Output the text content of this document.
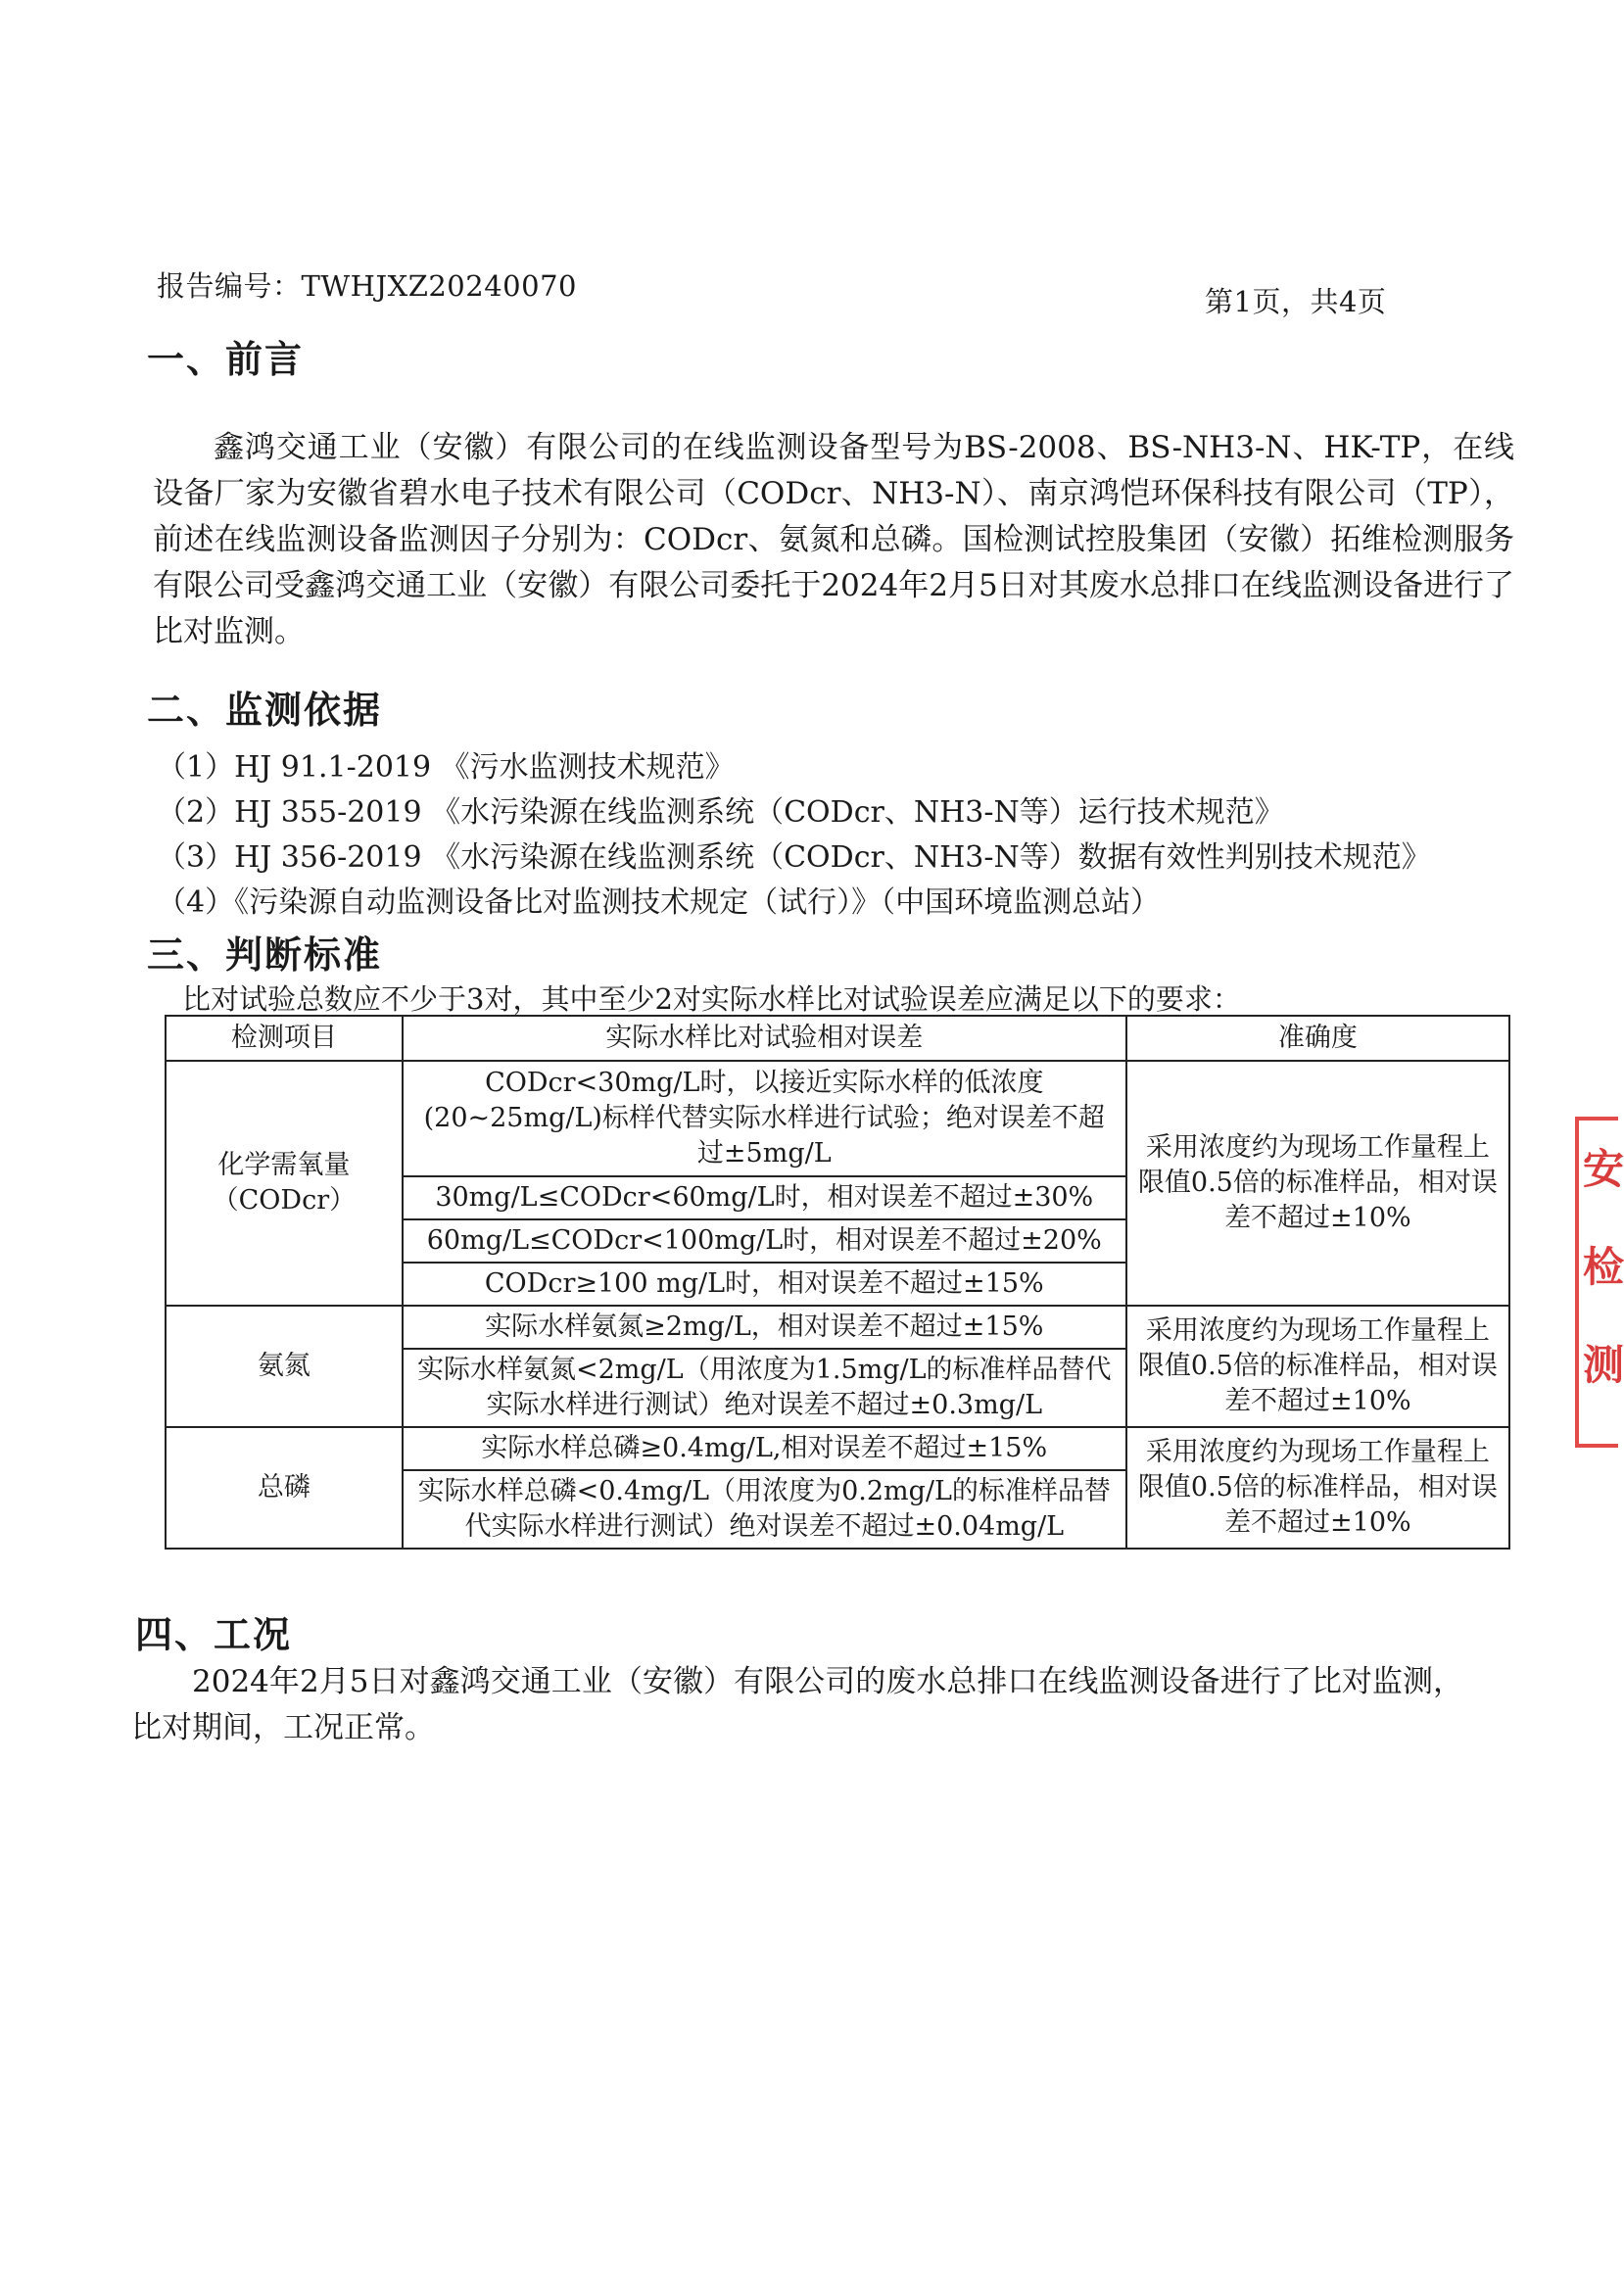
报告编号：TWHJXZ20240070	第1页，共4页
一、前言

鑫鸿交通工业（安徽）有限公司的在线监测设备型号为BS-2008、BS-NH3-N、HK-TP，在线设备厂家为安徽省碧水电子技术有限公司（CODcr、NH3-N）、南京鸿恺环保科技有限公司（TP），前述在线监测设备监测因子分别为：CODcr、氨氮和总磷。国检测试控股集团（安徽）拓维检测服务有限公司受鑫鸿交通工业（安徽）有限公司委托于2024年2月5日对其废水总排口在线监测设备进行了比对监测。

二、监测依据
（1）HJ 91.1-2019 《污水监测技术规范》
（2）HJ 355-2019 《水污染源在线监测系统（CODcr、NH3-N等）运行技术规范》
（3）HJ 356-2019 《水污染源在线监测系统（CODcr、NH3-N等）数据有效性判别技术规范》
（4）《污染源自动监测设备比对监测技术规定（试行）》（中国环境监测总站）
三、判断标准
比对试验总数应不少于3对，其中至少2对实际水样比对试验误差应满足以下的要求：
检测项目	实际水样比对试验相对误差	准确度

化学需氧量
（CODcr）	CODcr<30mg/L时，以接近实际水样的低浓度(20~25mg/L)标样代替实际水样进行试验；绝对误差不超过±5mg/L	采用浓度约为现场工作量程上限值0.5倍的标准样品，相对误差不超过±10%
	30mg/L≤CODcr<60mg/L时，相对误差不超过±30%	
	60mg/L≤CODcr<100mg/L时，相对误差不超过±20%	
	CODcr≥100 mg/L时，相对误差不超过±15%	
氨氮	实际水样氨氮≥2mg/L，相对误差不超过±15%	采用浓度约为现场工作量程上限值0.5倍的标准样品，相对误差不超过±10%
	实际水样氨氮<2mg/L（用浓度为1.5mg/L的标准样品替代实际水样进行测试）绝对误差不超过±0.3mg/L	
总磷	实际水样总磷≥0.4mg/L,相对误差不超过±15%	采用浓度约为现场工作量程上限值0.5倍的标准样品，相对误差不超过±10%
	实际水样总磷<0.4mg/L（用浓度为0.2mg/L的标准样品替代实际水样进行测试）绝对误差不超过±0.04mg/L	
四、工况

2024年2月5日对鑫鸿交通工业（安徽）有限公司的废水总排口在线监测设备进行了比对监测，比对期间，工况正常。

安
检
测
